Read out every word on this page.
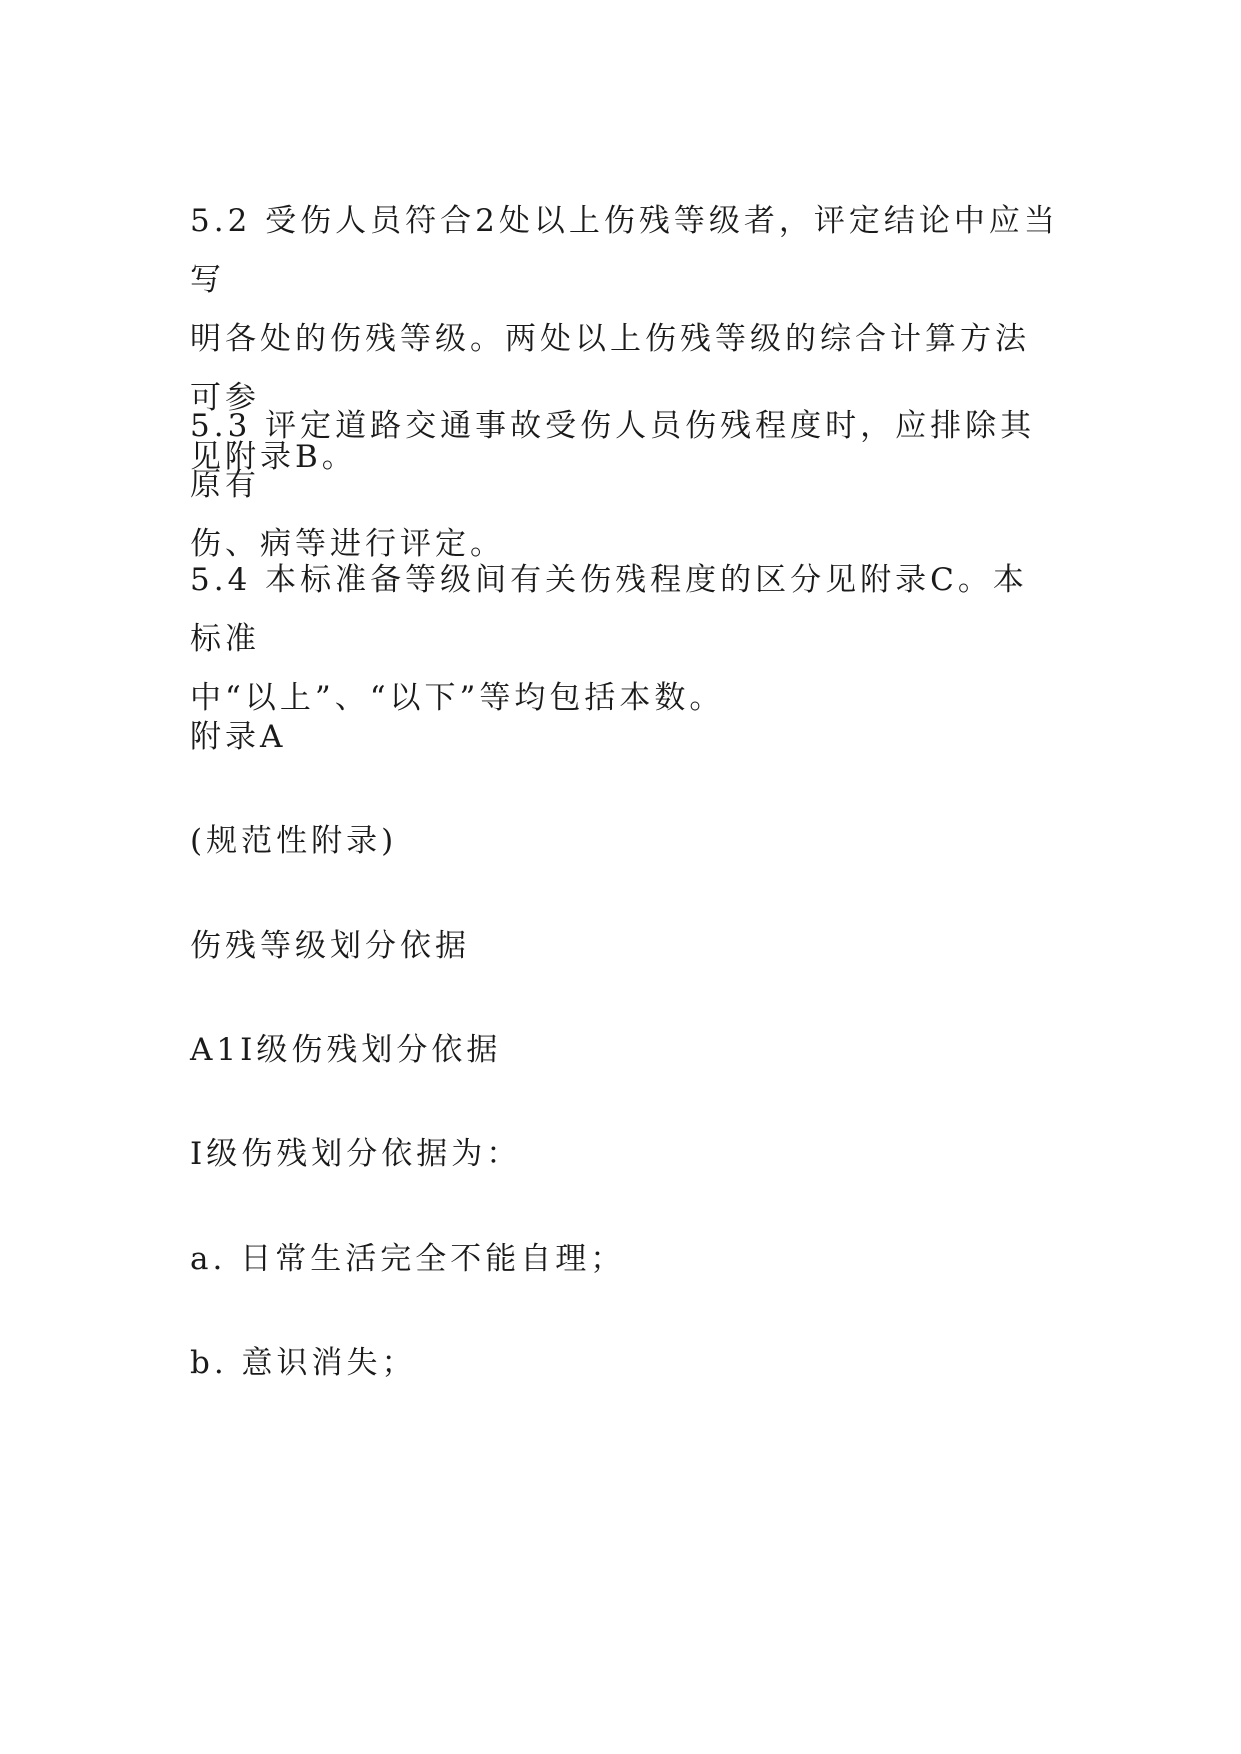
5.2 受伤人员符合2处以上伤残等级者，评定结论中应当写
明各处的伤残等级。两处以上伤残等级的综合计算方法可参
见附录B。

5.3 评定道路交通事故受伤人员伤残程度时，应排除其原有
伤、病等进行评定。

5.4 本标准备等级间有关伤残程度的区分见附录C。本标准
中“以上”、“以下”等均包括本数。

附录A

(规范性附录)

伤残等级划分依据

A1Ⅰ级伤残划分依据

Ⅰ级伤残划分依据为：

a. 日常生活完全不能自理；

b. 意识消失；
